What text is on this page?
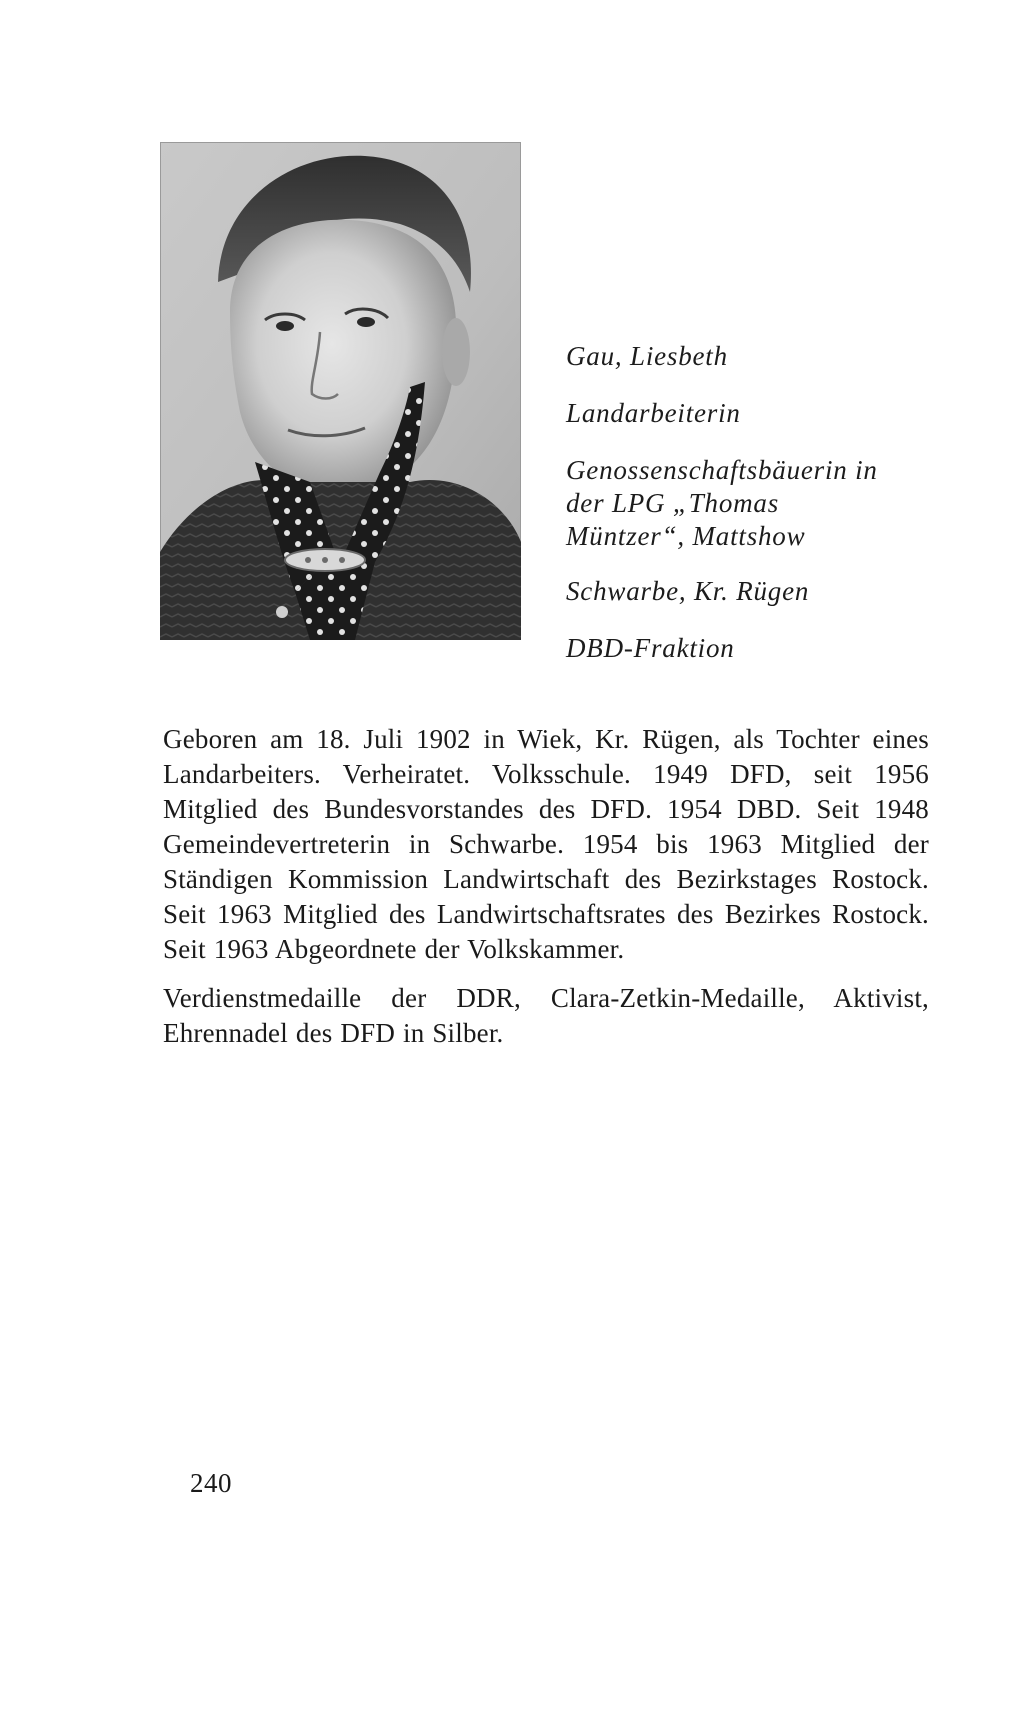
Gau, Liesbeth
Landarbeiterin
Genossenschaftsbäuerin in
der LPG „Thomas
Müntzer“, Mattshow
Schwarbe, Kr. Rügen
DBD-Fraktion

Geboren am 18. Juli 1902 in Wiek, Kr. Rügen, als Tochter eines Landarbeiters. Verheiratet. Volksschule. 1949 DFD, seit 1956 Mitglied des Bundesvorstandes des DFD. 1954 DBD. Seit 1948 Gemeindevertreterin in Schwarbe. 1954 bis 1963 Mitglied der Ständigen Kommission Landwirtschaft des Bezirkstages Rostock. Seit 1963 Mitglied des Landwirtschaftsrates des Bezirkes Rostock. Seit 1963 Abgeordnete der Volkskammer.

Verdienstmedaille der DDR, Clara-Zetkin-Medaille, Aktivist, Ehrennadel des DFD in Silber.

240
